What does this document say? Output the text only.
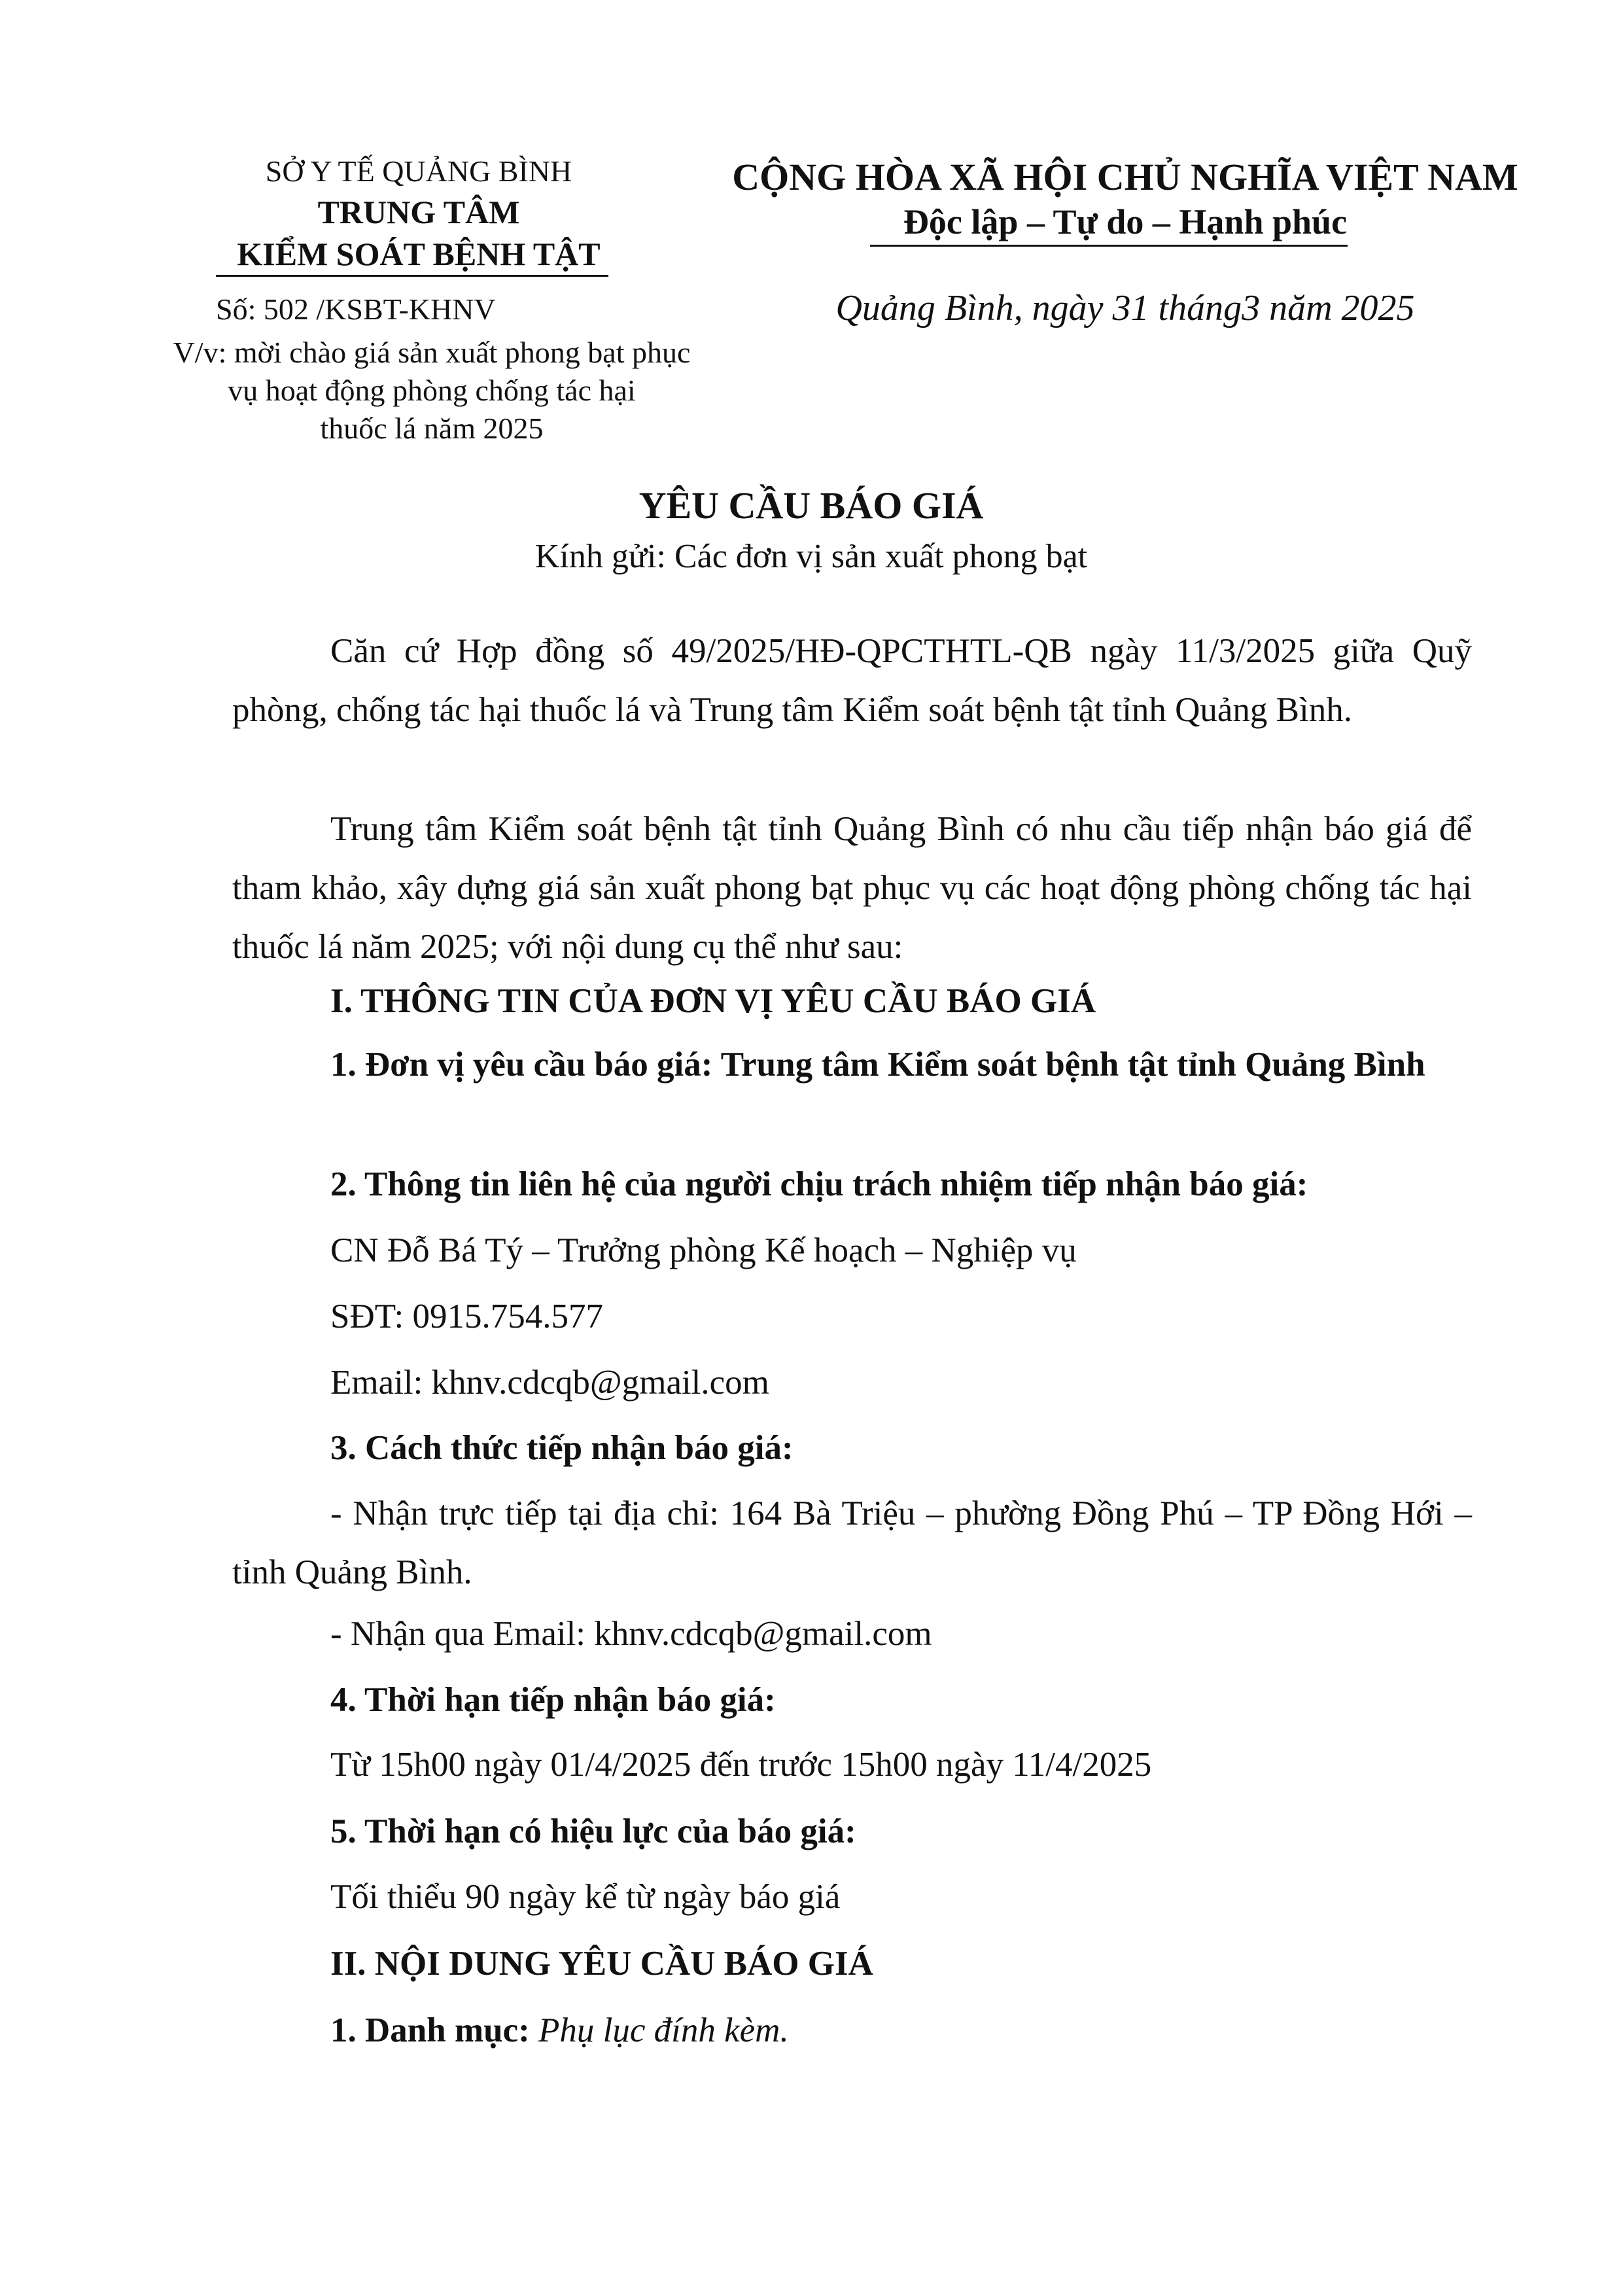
SỞ Y TẾ QUẢNG BÌNH

TRUNG TÂM

KIỂM SOÁT BỆNH TẬT

Số: 502 /KSBT-KHNV

V/v: mời chào giá sản xuất phong bạt phục
vụ hoạt động phòng chống tác hại
thuốc lá năm 2025

CỘNG HÒA XÃ HỘI CHỦ NGHĨA VIỆT NAM

Độc lập – Tự do – Hạnh phúc

Quảng Bình, ngày 31 tháng3 năm 2025

YÊU CẦU BÁO GIÁ

Kính gửi: Các đơn vị sản xuất phong bạt

Căn cứ Hợp đồng số 49/2025/HĐ-QPCTHTL-QB ngày 11/3/2025 giữa Quỹ phòng, chống tác hại thuốc lá và Trung tâm Kiểm soát bệnh tật tỉnh Quảng Bình.

Trung tâm Kiểm soát bệnh tật tỉnh Quảng Bình có nhu cầu tiếp nhận báo giá để tham khảo, xây dựng giá sản xuất phong bạt phục vụ các hoạt động phòng chống tác hại thuốc lá năm 2025; với nội dung cụ thể như sau:

I. THÔNG TIN CỦA ĐƠN VỊ YÊU CẦU BÁO GIÁ

1. Đơn vị yêu cầu báo giá: Trung tâm Kiểm soát bệnh tật tỉnh Quảng Bình

2. Thông tin liên hệ của người chịu trách nhiệm tiếp nhận báo giá:

CN Đỗ Bá Tý – Trưởng phòng Kế hoạch – Nghiệp vụ

SĐT: 0915.754.577

Email: khnv.cdcqb@gmail.com

3. Cách thức tiếp nhận báo giá:

- Nhận trực tiếp tại địa chỉ: 164 Bà Triệu – phường Đồng Phú – TP Đồng Hới – tỉnh Quảng Bình.

- Nhận qua Email: khnv.cdcqb@gmail.com

4. Thời hạn tiếp nhận báo giá:

Từ 15h00 ngày 01/4/2025 đến trước 15h00 ngày 11/4/2025

5. Thời hạn có hiệu lực của báo giá:

Tối thiểu 90 ngày kể từ ngày báo giá

II. NỘI DUNG YÊU CẦU BÁO GIÁ

1. Danh mục: Phụ lục đính kèm.
